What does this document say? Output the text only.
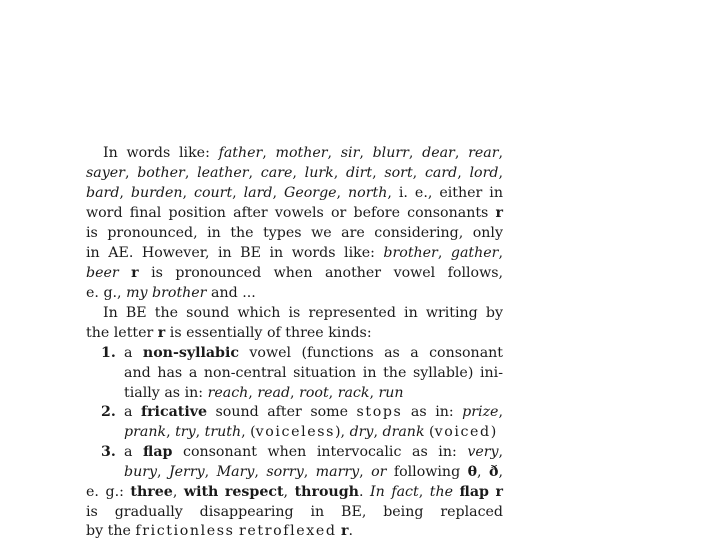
In words like: father, mother, sir, blurr, dear, rear,
sayer, bother, leather, care, lurk, dirt, sort, card, lord,
bard, burden, court, lard, George, north, i. e., either in
word final position after vowels or before consonants r
is pronounced, in the types we are considering, only
in AE. However, in BE in words like: brother, gather,
beer r is pronounced when another vowel follows,
e. g., my brother and ...
In BE the sound which is represented in writing by
the letter r is essentially of three kinds:
1. a non-syllabic vowel (functions as a consonant
and has a non-central situation in the syllable) ini-
tially as in: reach, read, root, rack, run
2. a fricative sound after some stops as in: prize,
prank, try, truth, (voiceless), dry, drank (voiced)
3. a flap consonant when intervocalic as in: very,
bury, Jerry, Mary, sorry, marry, or following θ, ð,
e. g.: three, with respect, through. In fact, the flap r
is gradually disappearing in BE, being replaced
by the frictionless retroflexed r.
